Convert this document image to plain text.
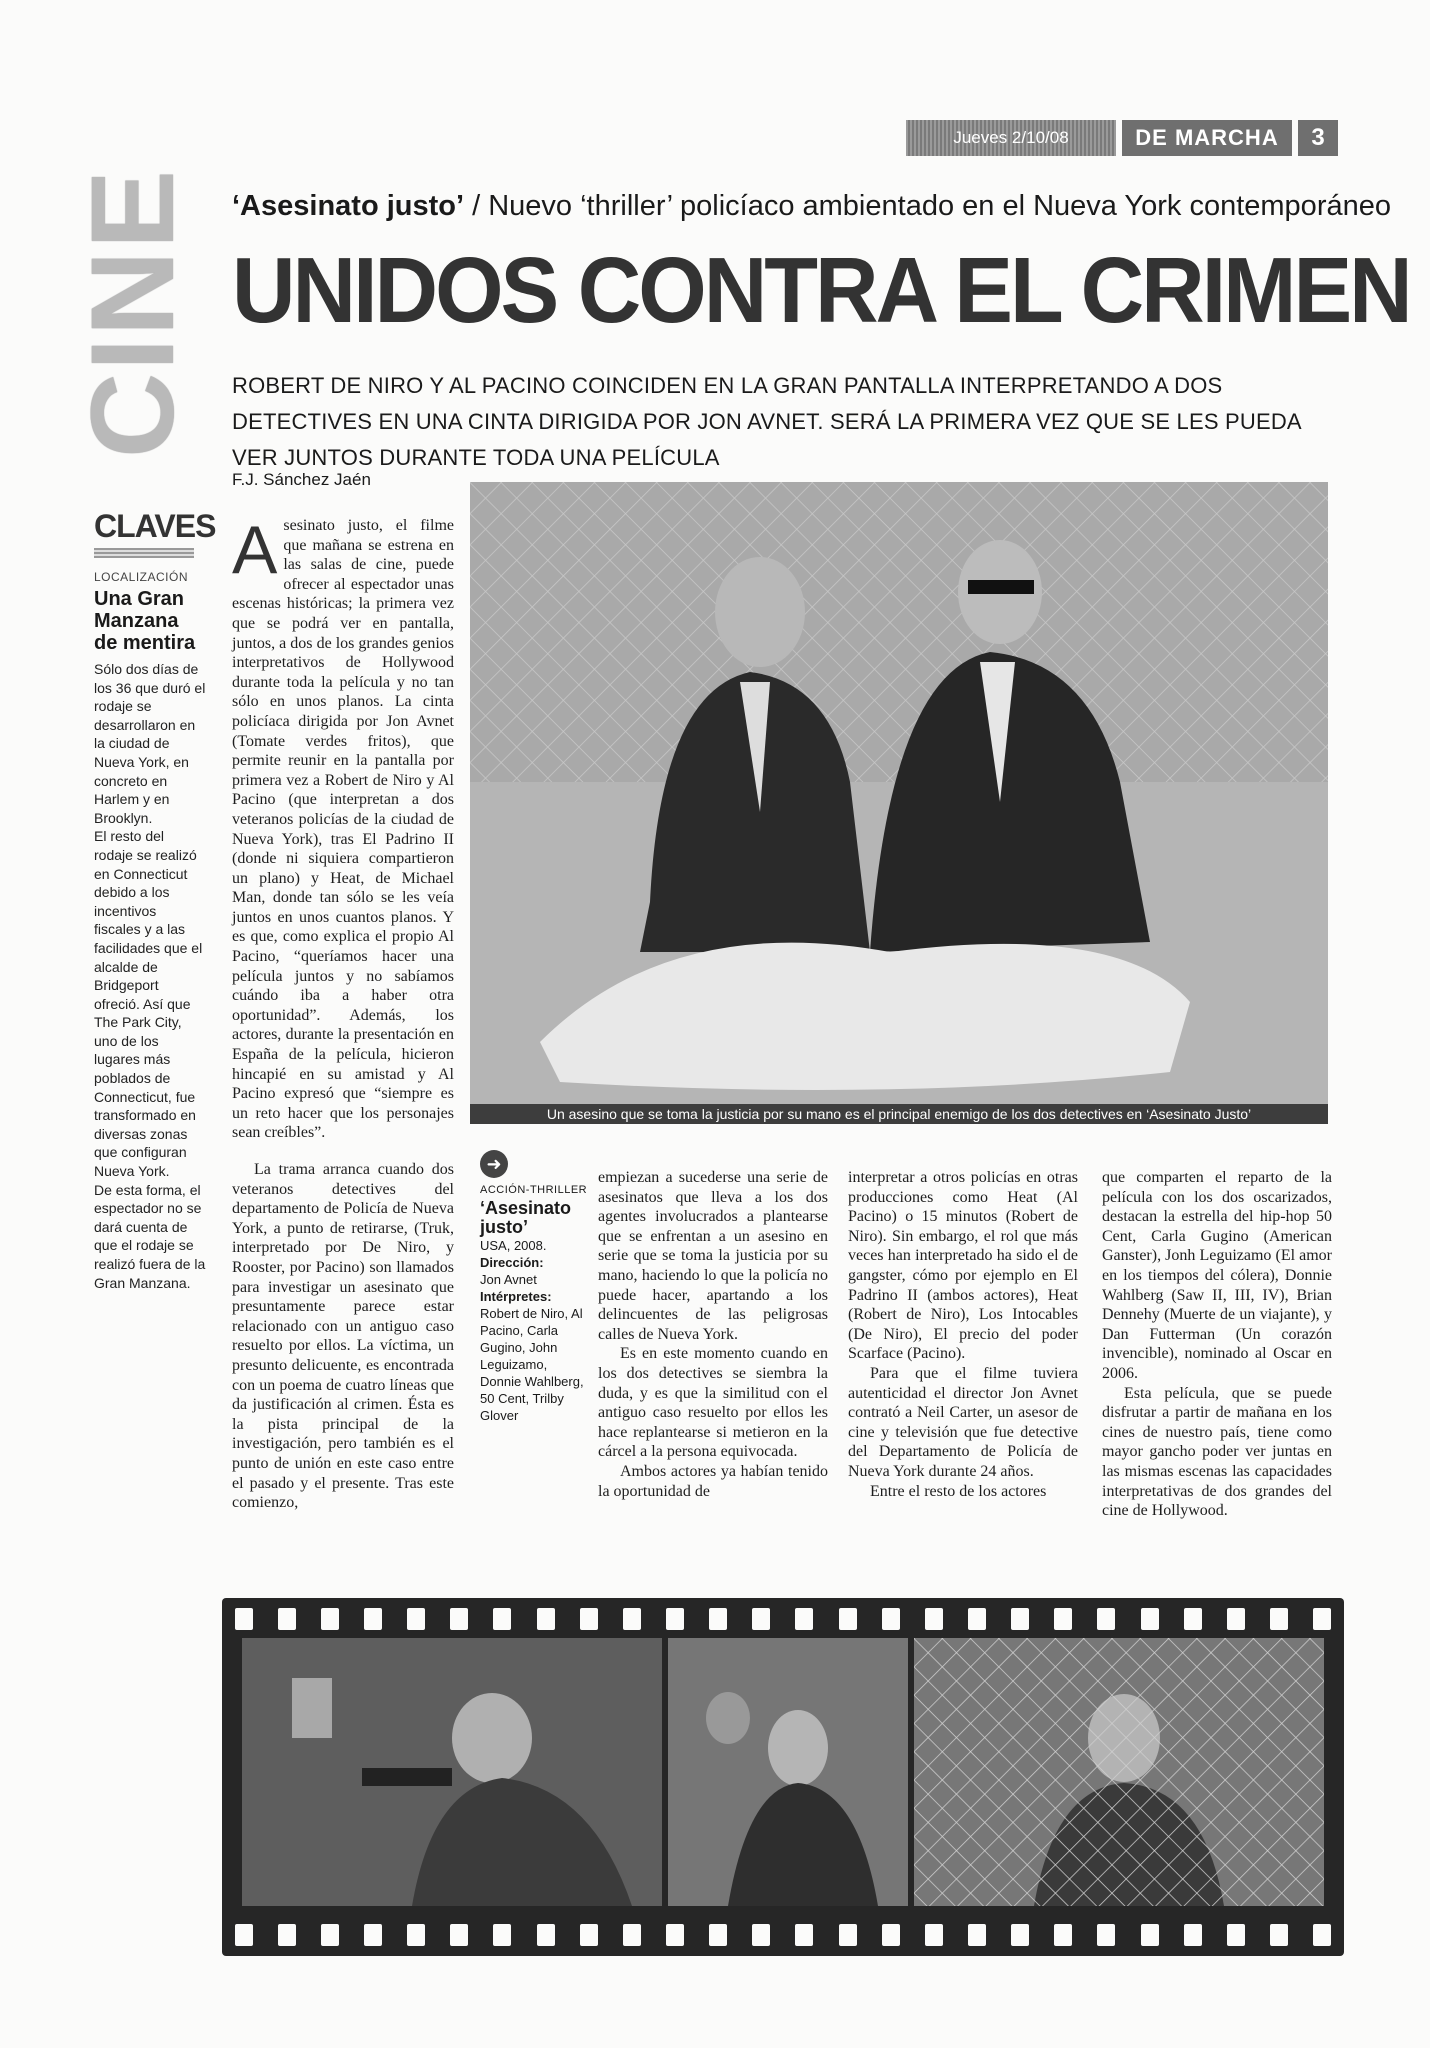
Jueves 2/10/08	DE MARCHA	3
CINE ‘Asesinato justo’ / Nuevo ‘thriller’ policíaco ambientado en el Nueva York contemporáneo
UNIDOS CONTRA EL CRIMEN
ROBERT DE NIRO Y AL PACINO COINCIDEN EN LA GRAN PANTALLA INTERPRETANDO A DOS DETECTIVES EN UNA CINTA DIRIGIDA POR JON AVNET. SERÁ LA PRIMERA VEZ QUE SE LES PUEDA VER JUNTOS DURANTE TODA UNA PELÍCULA
F.J. Sánchez Jaén
CLAVES
LOCALIZACIÓN
Una Gran Manzana de mentira

Sólo dos días de los 36 que duró el rodaje se desarrollaron en la ciudad de Nueva York, en concreto en Harlem y en Brooklyn.

El resto del rodaje se realizó en Connecticut debido a los incentivos fiscales y a las facilidades que el alcalde de Bridgeport ofreció. Así que The Park City, uno de los lugares más poblados de Connecticut, fue transformado en diversas zonas que configuran Nueva York.

De esta forma, el espectador no se dará cuenta de que el rodaje se realizó fuera de la Gran Manzana.

Un asesino que se toma la justicia por su mano es el principal enemigo de los dos detectives en ‘Asesinato Justo’
A sesinato justo, el filme que mañana se estrena en las salas de cine, puede ofrecer al espectador unas escenas históricas; la primera vez que se podrá ver en pantalla, juntos, a dos de los grandes genios interpretativos de Hollywood durante toda la película y no tan sólo en unos planos. La cinta policíaca dirigida por Jon Avnet (Tomate verdes fritos), que permite reunir en la pantalla por primera vez a Robert de Niro y Al Pacino (que interpretan a dos veteranos policías de la ciudad de Nueva York), tras El Padrino II (donde ni siquiera compartieron un plano) y Heat, de Michael Man, donde tan sólo se les veía juntos en unos cuantos planos. Y es que, como explica el propio Al Pacino, “queríamos hacer una película juntos y no sabíamos cuándo iba a haber otra oportunidad”. Además, los actores, durante la presentación en España de la película, hicieron hincapié en su amistad y Al Pacino expresó que “siempre es un reto hacer que los personajes sean creíbles”.

La trama arranca cuando dos veteranos detectives del departamento de Policía de Nueva York, a punto de retirarse, (Truk, interpretado por De Niro, y Rooster, por Pacino) son llamados para investigar un asesinato que presuntamente parece estar relacionado con un antiguo caso resuelto por ellos. La víctima, un presunto delicuente, es encontrada con un poema de cuatro líneas que da justificación al crimen. Ésta es la pista principal de la investigación, pero también es el punto de unión en este caso entre el pasado y el presente. Tras este comienzo,

➜
ACCIÓN-THRILLER
‘Asesinato justo’
USA, 2008.
Dirección:
Jon Avnet
Intérpretes:
Robert de Niro, Al Pacino, Carla Gugino, John Leguizamo, Donnie Wahlberg, 50 Cent, Trilby Glover

empiezan a sucederse una serie de asesinatos que lleva a los dos agentes involucrados a plantearse que se enfrentan a un asesino en serie que se toma la justicia por su mano, haciendo lo que la policía no puede hacer, apartando a los delincuentes de las peligrosas calles de Nueva York.

Es en este momento cuando en los dos detectives se siembra la duda, y es que la similitud con el antiguo caso resuelto por ellos les hace replantearse si metieron en la cárcel a la persona equivocada.

Ambos actores ya habían tenido la oportunidad de

interpretar a otros policías en otras producciones como Heat (Al Pacino) o 15 minutos (Robert de Niro). Sin embargo, el rol que más veces han interpretado ha sido el de gangster, cómo por ejemplo en El Padrino II (ambos actores), Heat (Robert de Niro), Los Intocables (De Niro), El precio del poder Scarface (Pacino).

Para que el filme tuviera autenticidad el director Jon Avnet contrató a Neil Carter, un asesor de cine y televisión que fue detective del Departamento de Policía de Nueva York durante 24 años.

Entre el resto de los actores

que comparten el reparto de la película con los dos oscarizados, destacan la estrella del hip-hop 50 Cent, Carla Gugino (American Ganster), Jonh Leguizamo (El amor en los tiempos del cólera), Donnie Wahlberg (Saw II, III, IV), Brian Dennehy (Muerte de un viajante), y Dan Futterman (Un corazón invencible), nominado al Oscar en 2006.

Esta película, que se puede disfrutar a partir de mañana en los cines de nuestro país, tiene como mayor gancho poder ver juntas en las mismas escenas las capacidades interpretativas de dos grandes del cine de Hollywood.
